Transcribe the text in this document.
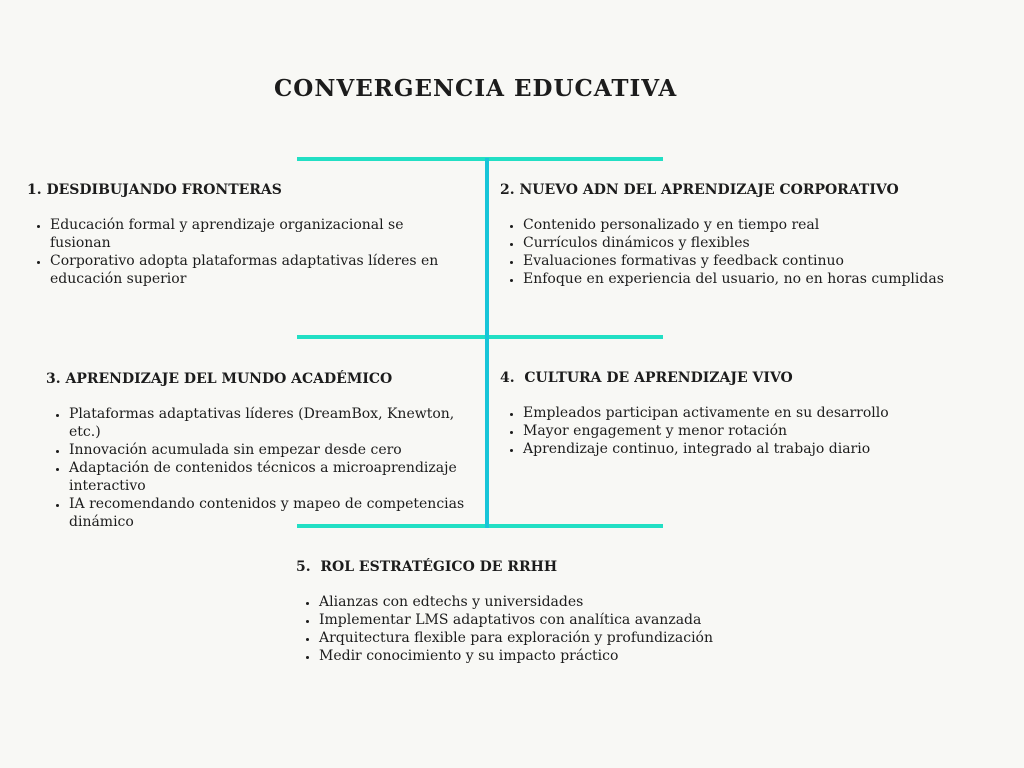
CONVERGENCIA EDUCATIVA
1. DESDIBUJANDO FRONTERAS
• Educación formal y aprendizaje organizacional se fusionan
• Corporativo adopta plataformas adaptativas líderes en educación superior
2. NUEVO ADN DEL APRENDIZAJE CORPORATIVO
• Contenido personalizado y en tiempo real
• Currículos dinámicos y flexibles
• Evaluaciones formativas y feedback continuo
• Enfoque en experiencia del usuario, no en horas cumplidas
3. APRENDIZAJE DEL MUNDO ACADÉMICO
• Plataformas adaptativas líderes (DreamBox, Knewton, etc.)
• Innovación acumulada sin empezar desde cero
• Adaptación de contenidos técnicos a microaprendizaje interactivo
• IA recomendando contenidos y mapeo de competencias dinámico
4.  CULTURA DE APRENDIZAJE VIVO
• Empleados participan activamente en su desarrollo
• Mayor engagement y menor rotación
• Aprendizaje continuo, integrado al trabajo diario
5.  ROL ESTRATÉGICO DE RRHH
• Alianzas con edtechs y universidades
• Implementar LMS adaptativos con analítica avanzada
• Arquitectura flexible para exploración y profundización
• Medir conocimiento y su impacto práctico
